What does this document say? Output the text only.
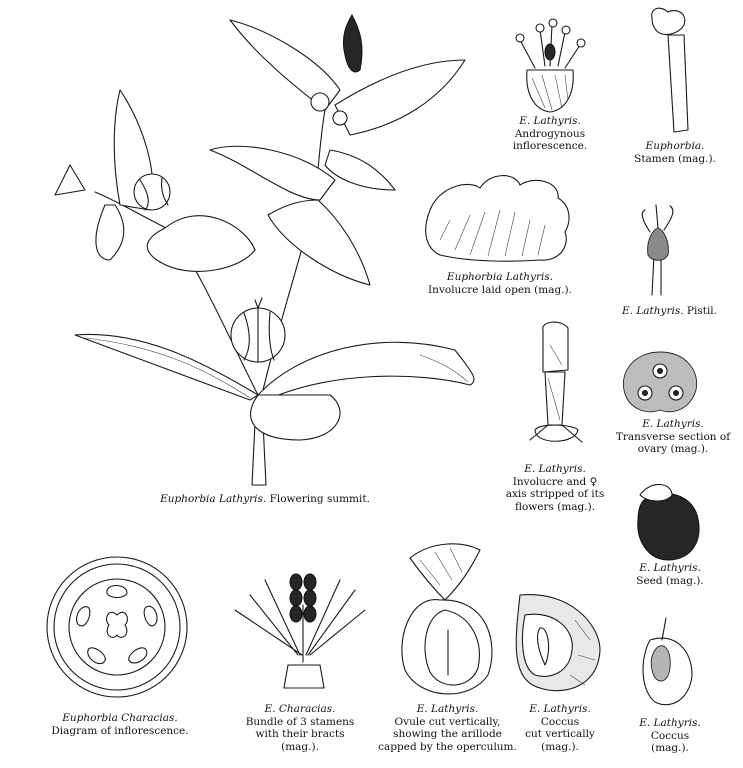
Euphorbia Lathyris. Flowering summit.
E. Lathyris.
Androgynous
inflorescence.	Euphorbia.
Stamen (mag.).
Euphorbia Lathyris.
Involucre laid open (mag.).
E. Lathyris. Pistil.
E. Lathyris.
Transverse section of
ovary (mag.).
E. Lathyris.
Involucre and ♀
axis stripped of its
flowers (mag.).
E. Lathyris.
Seed (mag.).
Euphorbia Characias.
Diagram of inflorescence.
E. Characias.
Bundle of 3 stamens
with their bracts
(mag.).
E. Lathyris.
Ovule cut vertically,
showing the arillode
capped by the operculum.
E. Lathyris.
Coccus
cut vertically
(mag.).
E. Lathyris.
Coccus
(mag.).
